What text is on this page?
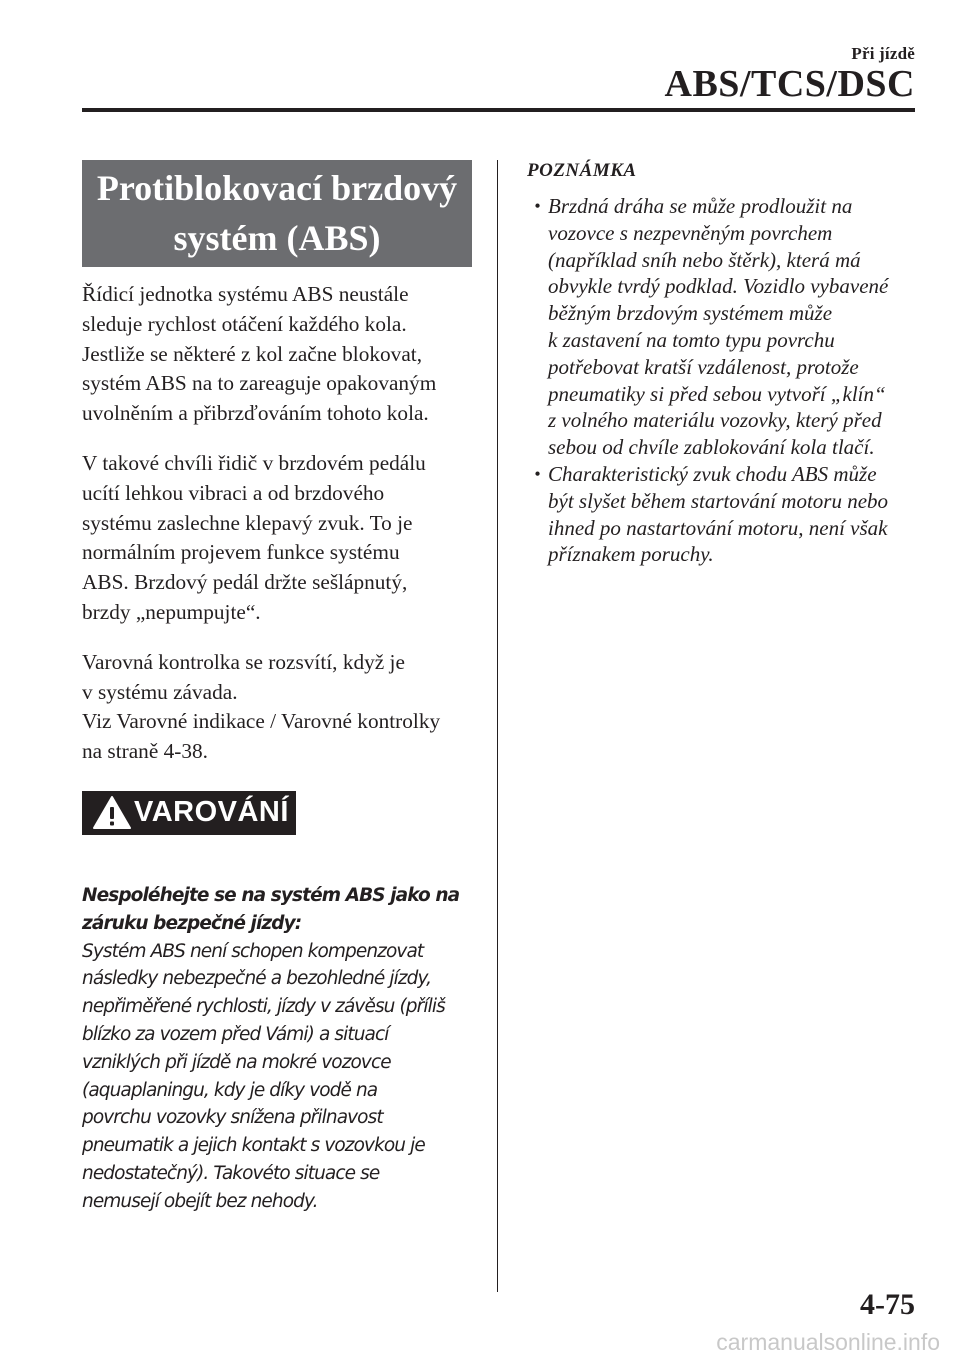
Při jízdě
ABS/TCS/DSC
Protiblokovací brzdový
systém (ABS)

Řídicí jednotka systému ABS neustále
sleduje rychlost otáčení každého kola.
Jestliže se některé z kol začne blokovat,
systém ABS na to zareaguje opakovaným
uvolněním a přibrzďováním tohoto kola.

V takové chvíli řidič v brzdovém pedálu
ucítí lehkou vibraci a od brzdového
systému zaslechne klepavý zvuk. To je
normálním projevem funkce systému
ABS. Brzdový pedál držte sešlápnutý,
brzdy „nepumpujte“.

Varovná kontrolka se rozsvítí, když je
v systému závada.
Viz Varovné indikace / Varovné kontrolky
na straně 4-38.

VAROVÁNÍ
Nespoléhejte se na systém ABS jako na
záruku bezpečné jízdy:
Systém ABS není schopen kompenzovat
následky nebezpečné a bezohledné jízdy,
nepřiměřené rychlosti, jízdy v závěsu (příliš
blízko za vozem před Vámi) a situací
vzniklých při jízdě na mokré vozovce
(aquaplaningu, kdy je díky vodě na
povrchu vozovky snížena přilnavost
pneumatik a jejich kontakt s vozovkou je
nedostatečný). Takovéto situace se
nemusejí obejít bez nehody.
POZNÁMKA
• Brzdná dráha se může prodloužit na
vozovce s nezpevněným povrchem
(například sníh nebo štěrk), která má
obvykle tvrdý podklad. Vozidlo vybavené
běžným brzdovým systémem může
k zastavení na tomto typu povrchu
potřebovat kratší vzdálenost, protože
pneumatiky si před sebou vytvoří „klín“
z volného materiálu vozovky, který před
sebou od chvíle zablokování kola tlačí.
• Charakteristický zvuk chodu ABS může
být slyšet během startování motoru nebo
ihned po nastartování motoru, není však
příznakem poruchy.
4-75
carmanualsonline.info
